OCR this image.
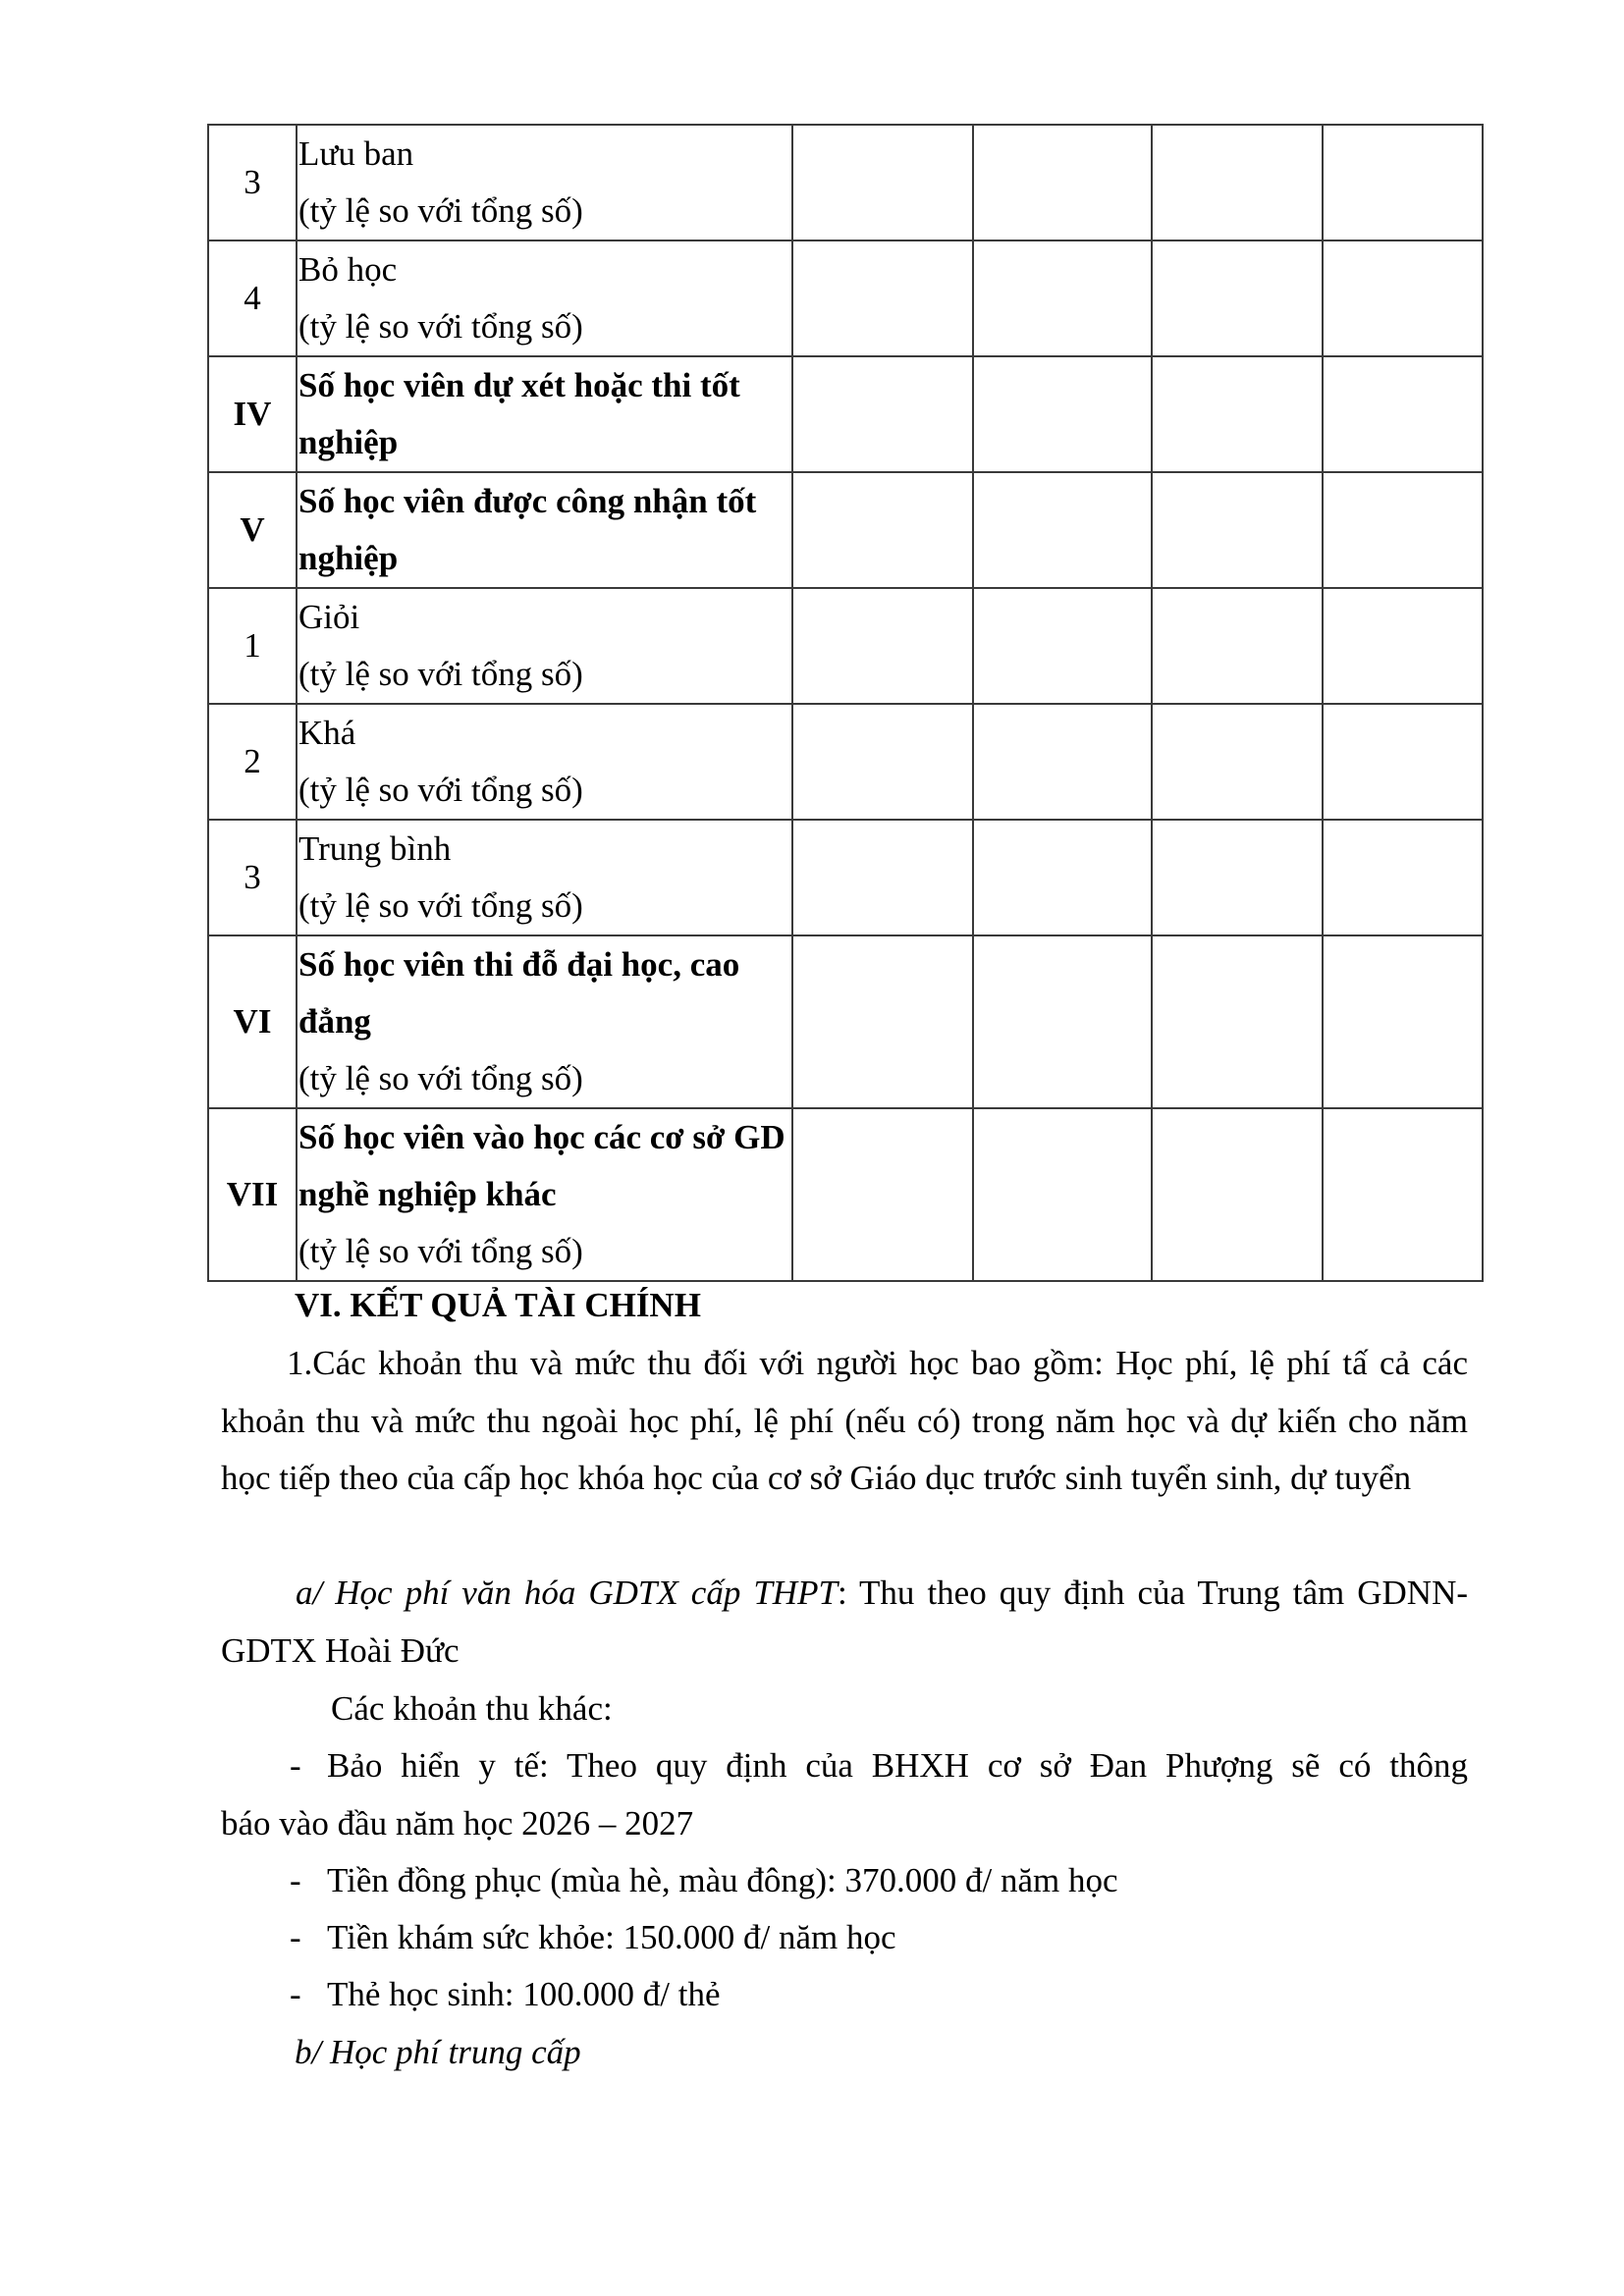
3	Lưu ban
(tỷ lệ so với tổng số)				

4	Bỏ học
(tỷ lệ so với tổng số)				

IV	Số học viên dự xét hoặc thi tốt nghiệp				

V	Số học viên được công nhận tốt nghiệp				

1	Giỏi
(tỷ lệ so với tổng số)				

2	Khá
(tỷ lệ so với tổng số)				

3	Trung bình
(tỷ lệ so với tổng số)				

VI	Số học viên thi đỗ đại học, cao đẳng
(tỷ lệ so với tổng số)				

VII	Số học viên vào học các cơ sở GD nghề nghiệp khác
(tỷ lệ so với tổng số)				

VI. KẾT QUẢ TÀI CHÍNH
1.Các khoản thu và mức thu đối với người học bao gồm: Học phí, lệ phí tấ cả các khoản thu và mức thu ngoài học phí, lệ phí (nếu có) trong năm học và dự kiến cho năm học tiếp theo của cấp học khóa học của cơ sở Giáo dục trước sinh tuyển sinh, dự tuyển
a/ Học phí văn hóa GDTX cấp THPT: Thu theo quy định của Trung tâm GDNN- GDTX Hoài Đức
Các khoản thu khác:
- Bảo hiển y tế: Theo quy định của BHXH cơ sở Đan Phượng sẽ có thông
báo vào đầu năm học 2026 – 2027
- Tiền đồng phục (mùa hè, màu đông): 370.000 đ/ năm học
- Tiền khám sức khỏe: 150.000 đ/ năm học
- Thẻ học sinh: 100.000 đ/ thẻ
b/ Học phí trung cấp
